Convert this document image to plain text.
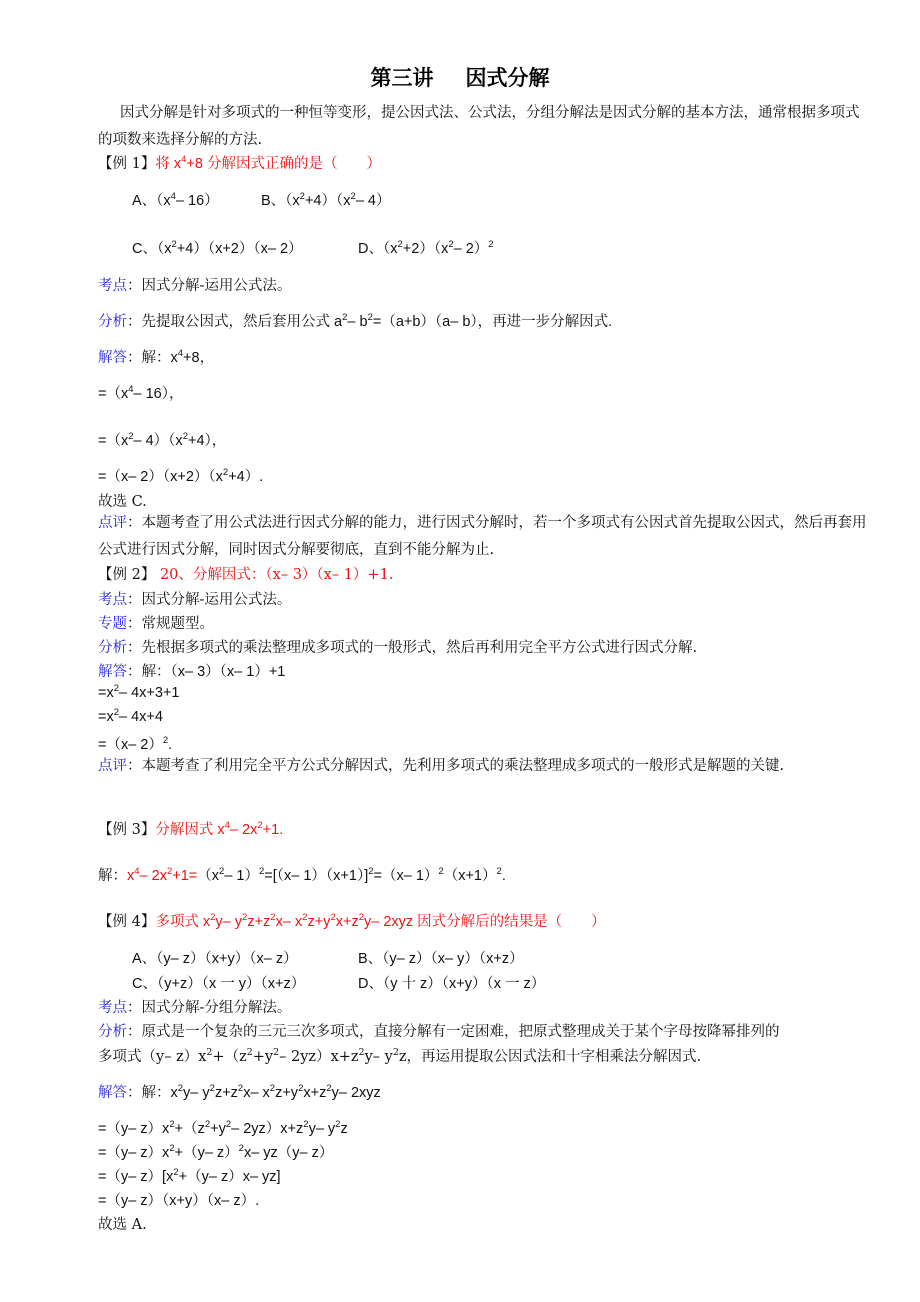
第三讲 因式分解
因式分解是针对多项式的一种恒等变形，提公因式法、公式法，分组分解法是因式分解的基本方法，通常根据多项式的项数来选择分解的方法.
【例 1】将 $x^4+8$ 分解因式正确的是（　　）
A、（$x^4-$ 16）	B、$(x^2+4)(x^2-$ 4）
C、$(x^2+4)(x+2)(x-$ 2）	D、$(x^2+2)(x^2-$ 2）$^2$
考点：因式分解-运用公式法。
分析：先提取公因式，然后套用公式 $a^2-$ $b^2=(a+b)(a-$ b），再进一步分解因式.
解答：解：$x^4+8$，
$=(x^4-$ 16），
$=(x^2-$ $4)(x^2+4)$，
=（x– $2)(x+2)(x^2+4)$.
故选 C.
点评：本题考查了用公式法进行因式分解的能力，进行因式分解时，若一个多项式有公因式首先提取公因式，然后再套用公式进行因式分解，同时因式分解要彻底，直到不能分解为止.
【例 2】 20、分解因式：（x– 3）（x– 1）+1.
考点：因式分解-运用公式法。
专题：常规题型。
分析：先根据多项式的乘法整理成多项式的一般形式，然后再利用完全平方公式进行因式分解.
解答：解：（x– 3）（x– 1）+1
$=x^2-$ 4x+3+1
$=x^2-$ 4x+4
=（x– 2）$^2$.
点评：本题考查了利用完全平方公式分解因式，先利用多项式的乘法整理成多项式的一般形式是解题的关键.
【例 3】分解因式 $x^4-$ $2x^2+1$.
解：$x^4-$ $2x^2+1=(x^2-$ 1）$^2$=[（x– 1）（x+1）]$^2$=（x– $1)^2(x+1)^2$.
【例 4】多项式 $x^2y-$ $y^2z+z^2x-$ $x^2z+y^2x+z^2y-$ 2xyz 因式分解后的结果是（　　）
A、（y– z）（x+y）（x– z）	B、（y– z）（x– y）（x+z）
C、（y+z）（x 一 y）（x+z）	D、（y 十 z）（x+y）（x 一 z）
考点：因式分解-分组分解法。
分析：原式是一个复杂的三元三次多项式，直接分解有一定困难，把原式整理成关于某个字母按降幂排列的
多项式（y– $z)x^2+(z^2+y^2-$ $2yz)x+z^2y-$ $y^2z$，再运用提取公因式法和十字相乘法分解因式.
解答：解：$x^2y-$ $y^2z+z^2x-$ $x^2z+y^2x+z^2y-$ 2xyz
=（y– $z)x^2+(z^2+y^2-$ $2yz)x+z^2y-$ $y^2z$
=（y– $z)x^2+(y-$ z）$^2$x– yz（y– z）
=（y– $z)[x^2+(y-$ z）x– yz]
=（y– z）（x+y）（x– z）.
故选 A.
